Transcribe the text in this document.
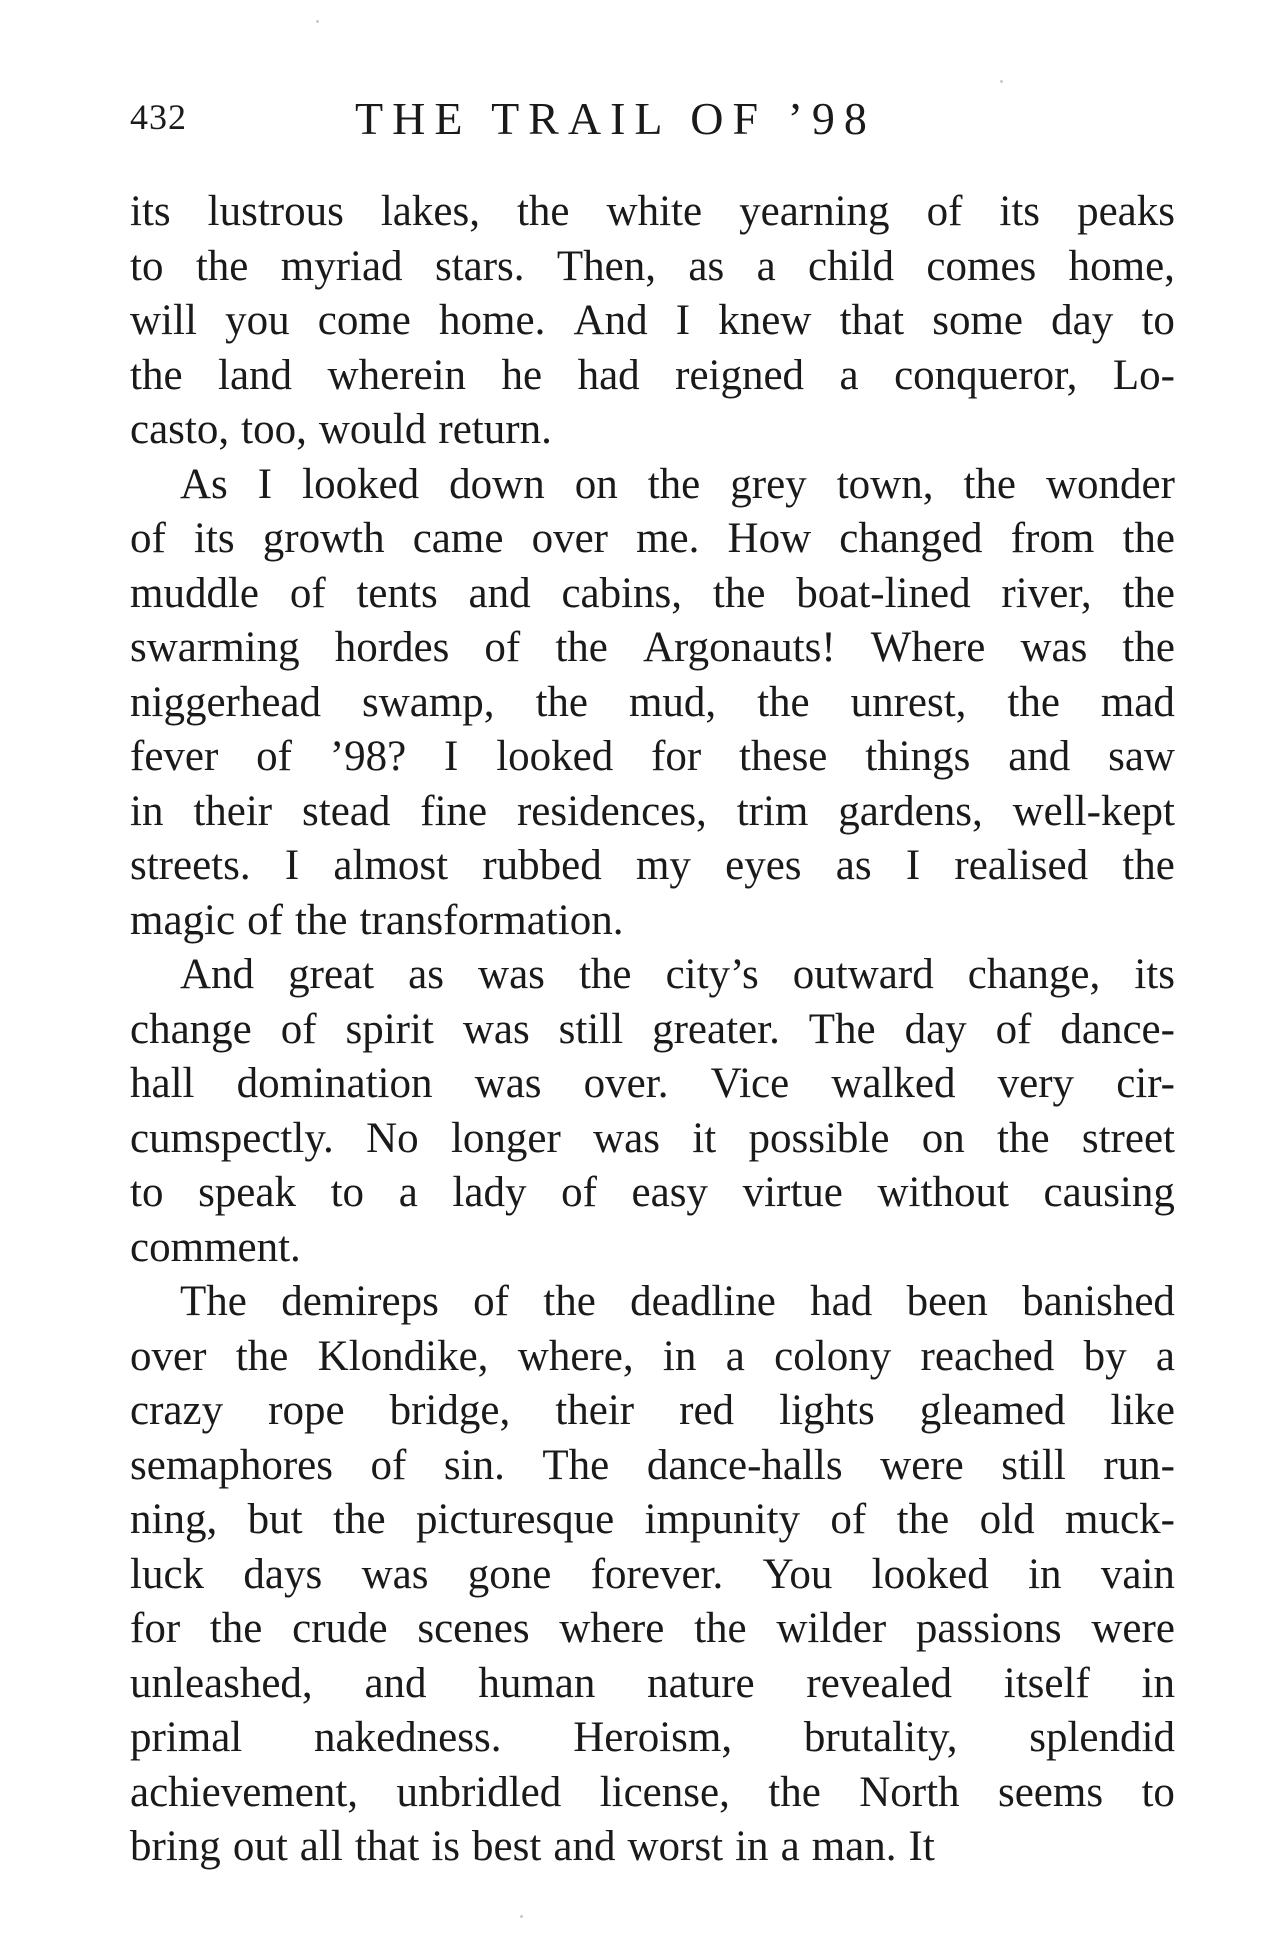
432	THE TRAIL OF ’98
its lustrous lakes, the white yearning of its peaks
to the myriad stars. Then, as a child comes home,
will you come home. And I knew that some day to
the land wherein he had reigned a conqueror, Lo-
casto, too, would return.
As I looked down on the grey town, the wonder
of its growth came over me. How changed from the
muddle of tents and cabins, the boat-lined river, the
swarming hordes of the Argonauts! Where was the
niggerhead swamp, the mud, the unrest, the mad
fever of ’98? I looked for these things and saw
in their stead fine residences, trim gardens, well-kept
streets. I almost rubbed my eyes as I realised the
magic of the transformation.
And great as was the city’s outward change, its
change of spirit was still greater. The day of dance-
hall domination was over. Vice walked very cir-
cumspectly. No longer was it possible on the street
to speak to a lady of easy virtue without causing
comment.
The demireps of the deadline had been banished
over the Klondike, where, in a colony reached by a
crazy rope bridge, their red lights gleamed like
semaphores of sin. The dance-halls were still run-
ning, but the picturesque impunity of the old muck-
luck days was gone forever. You looked in vain
for the crude scenes where the wilder passions were
unleashed, and human nature revealed itself in
primal nakedness. Heroism, brutality, splendid
achievement, unbridled license, the North seems to
bring out all that is best and worst in a man. It
